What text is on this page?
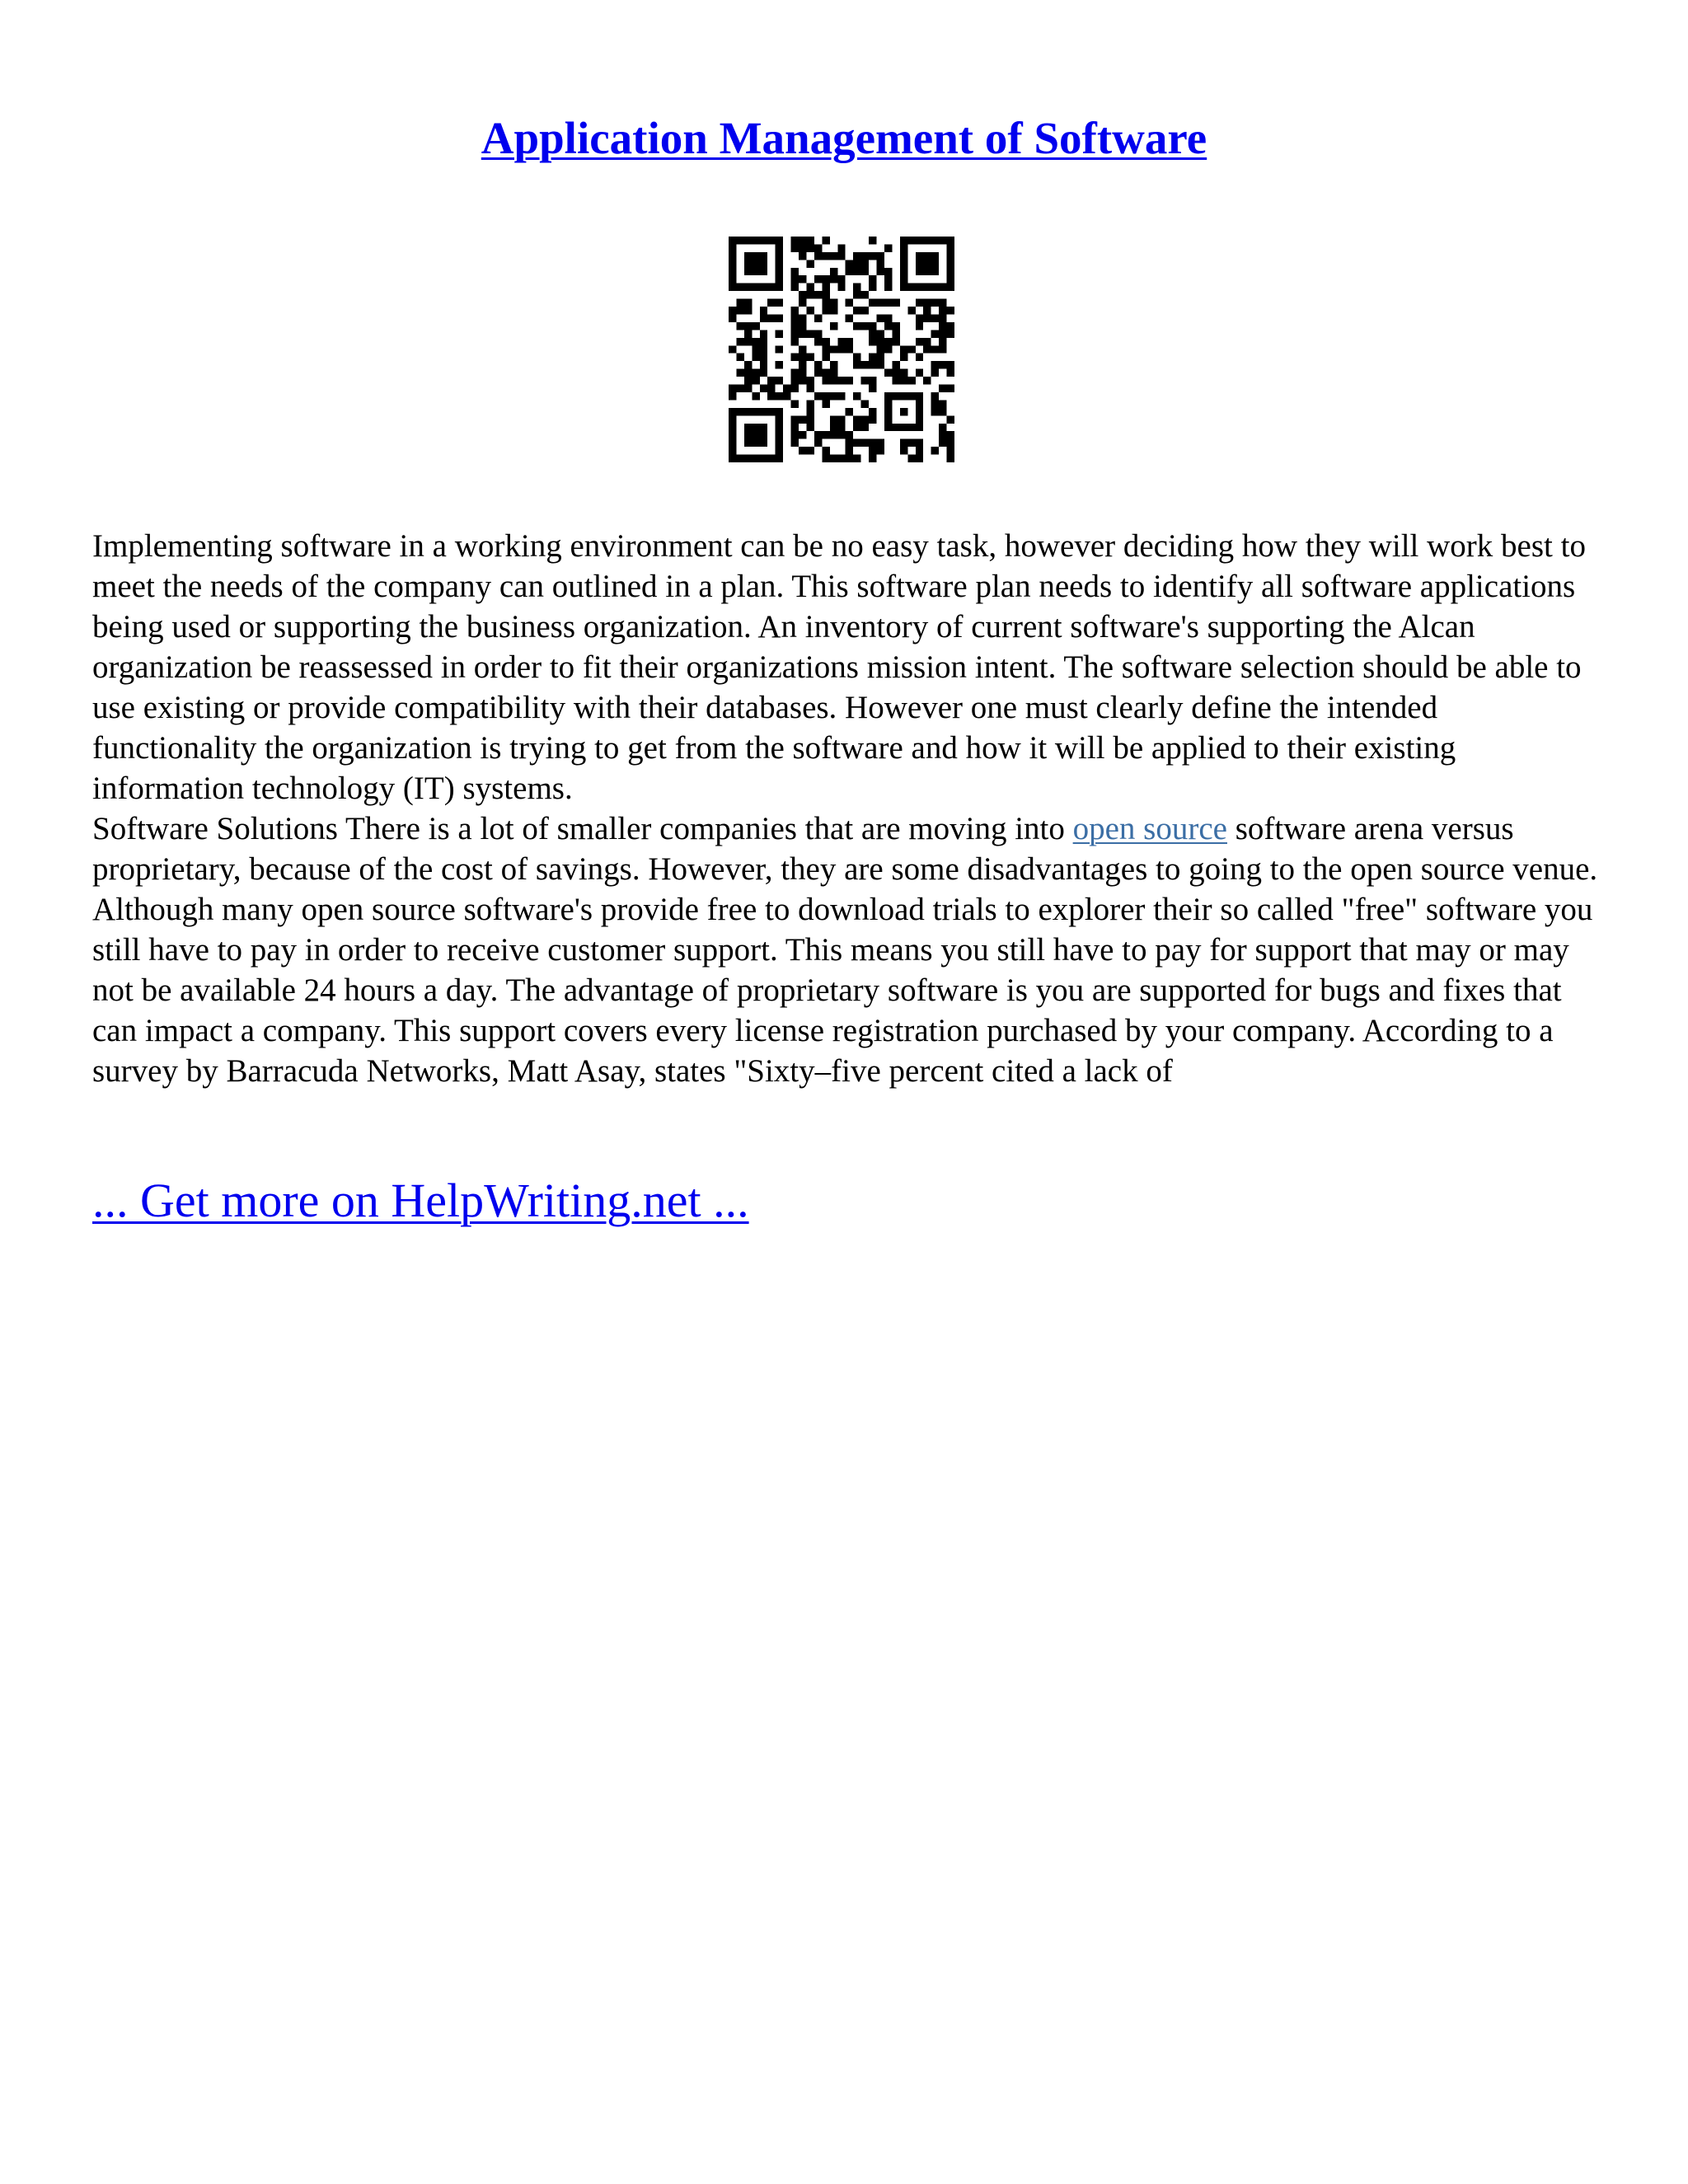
Application Management of Software

Implementing software in a working environment can be no easy task, however deciding how they will work best to meet the needs of the company can outlined in a plan. This software plan needs to identify all software applications being used or supporting the business organization. An inventory of current software's supporting the Alcan organization be reassessed in order to fit their organizations mission intent. The software selection should be able to use existing or provide compatibility with their databases. However one must clearly define the intended functionality the organization is trying to get from the software and how it will be applied to their existing information technology (IT) systems.

Software Solutions There is a lot of smaller companies that are moving into open source software arena versus proprietary, because of the cost of savings. However, they are some disadvantages to going to the open source venue. Although many open source software's provide free to download trials to explorer their so called "free" software you still have to pay in order to receive customer support. This means you still have to pay for support that may or may not be available 24 hours a day. The advantage of proprietary software is you are supported for bugs and fixes that can impact a company. This support covers every license registration purchased by your company. According to a survey by Barracuda Networks, Matt Asay, states "Sixty–five percent cited a lack of

... Get more on HelpWriting.net ...
